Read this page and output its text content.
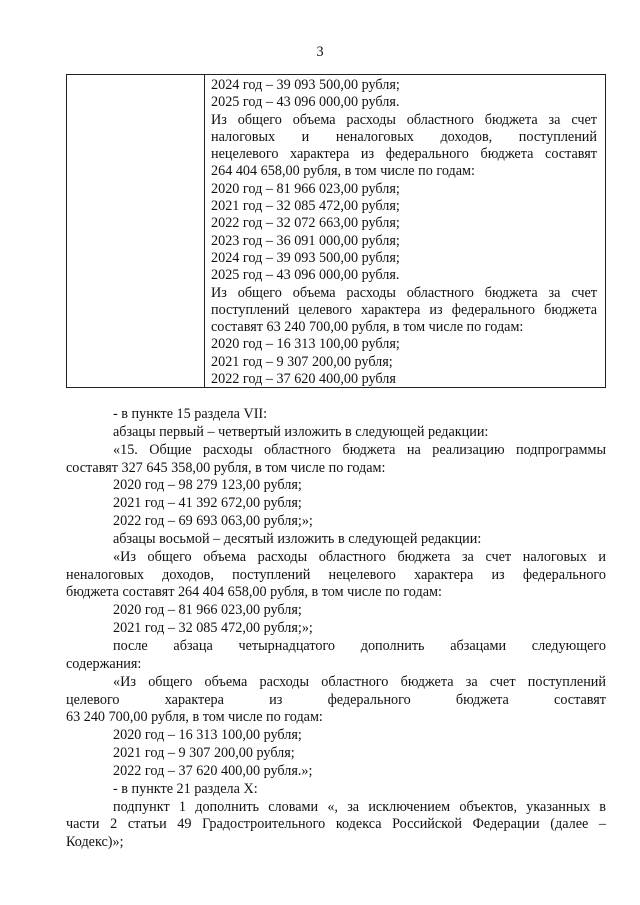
3
2024 год – 39 093 500,00 рубля;
2025 год – 43 096 000,00 рубля.
Из общего объема расходы областного бюджета за счет
налоговых и неналоговых доходов, поступлений
нецелевого характера из федерального бюджета составят
264 404 658,00 рубля, в том числе по годам:
2020 год – 81 966 023,00 рубля;
2021 год – 32 085 472,00 рубля;
2022 год – 32 072 663,00 рубля;
2023 год – 36 091 000,00 рубля;
2024 год – 39 093 500,00 рубля;
2025 год – 43 096 000,00 рубля.
Из общего объема расходы областного бюджета за счет
поступлений целевого характера из федерального бюджета
составят 63 240 700,00 рубля, в том числе по годам:
2020 год – 16 313 100,00 рубля;
2021 год – 9 307 200,00 рубля;
2022 год – 37 620 400,00 рубля
- в пункте 15 раздела VII:
абзацы первый – четвертый изложить в следующей редакции:
«15. Общие расходы областного бюджета на реализацию подпрограммы
составят 327 645 358,00 рубля, в том числе по годам:
2020 год – 98 279 123,00 рубля;
2021 год – 41 392 672,00 рубля;
2022 год – 69 693 063,00 рубля;»;
абзацы восьмой – десятый изложить в следующей редакции:
«Из общего объема расходы областного бюджета за счет налоговых и
неналоговых доходов, поступлений нецелевого характера из федерального
бюджета составят 264 404 658,00 рубля, в том числе по годам:
2020 год – 81 966 023,00 рубля;
2021 год – 32 085 472,00 рубля;»;
после абзаца четырнадцатого дополнить абзацами следующего
содержания:
«Из общего объема расходы областного бюджета за счет поступлений
целевого характера из федерального бюджета составят
63 240 700,00 рубля, в том числе по годам:
2020 год – 16 313 100,00 рубля;
2021 год – 9 307 200,00 рубля;
2022 год – 37 620 400,00 рубля.»;
- в пункте 21 раздела X:
подпункт 1 дополнить словами «, за исключением объектов, указанных в
части 2 статьи 49 Градостроительного кодекса Российской Федерации (далее –
Кодекс)»;
